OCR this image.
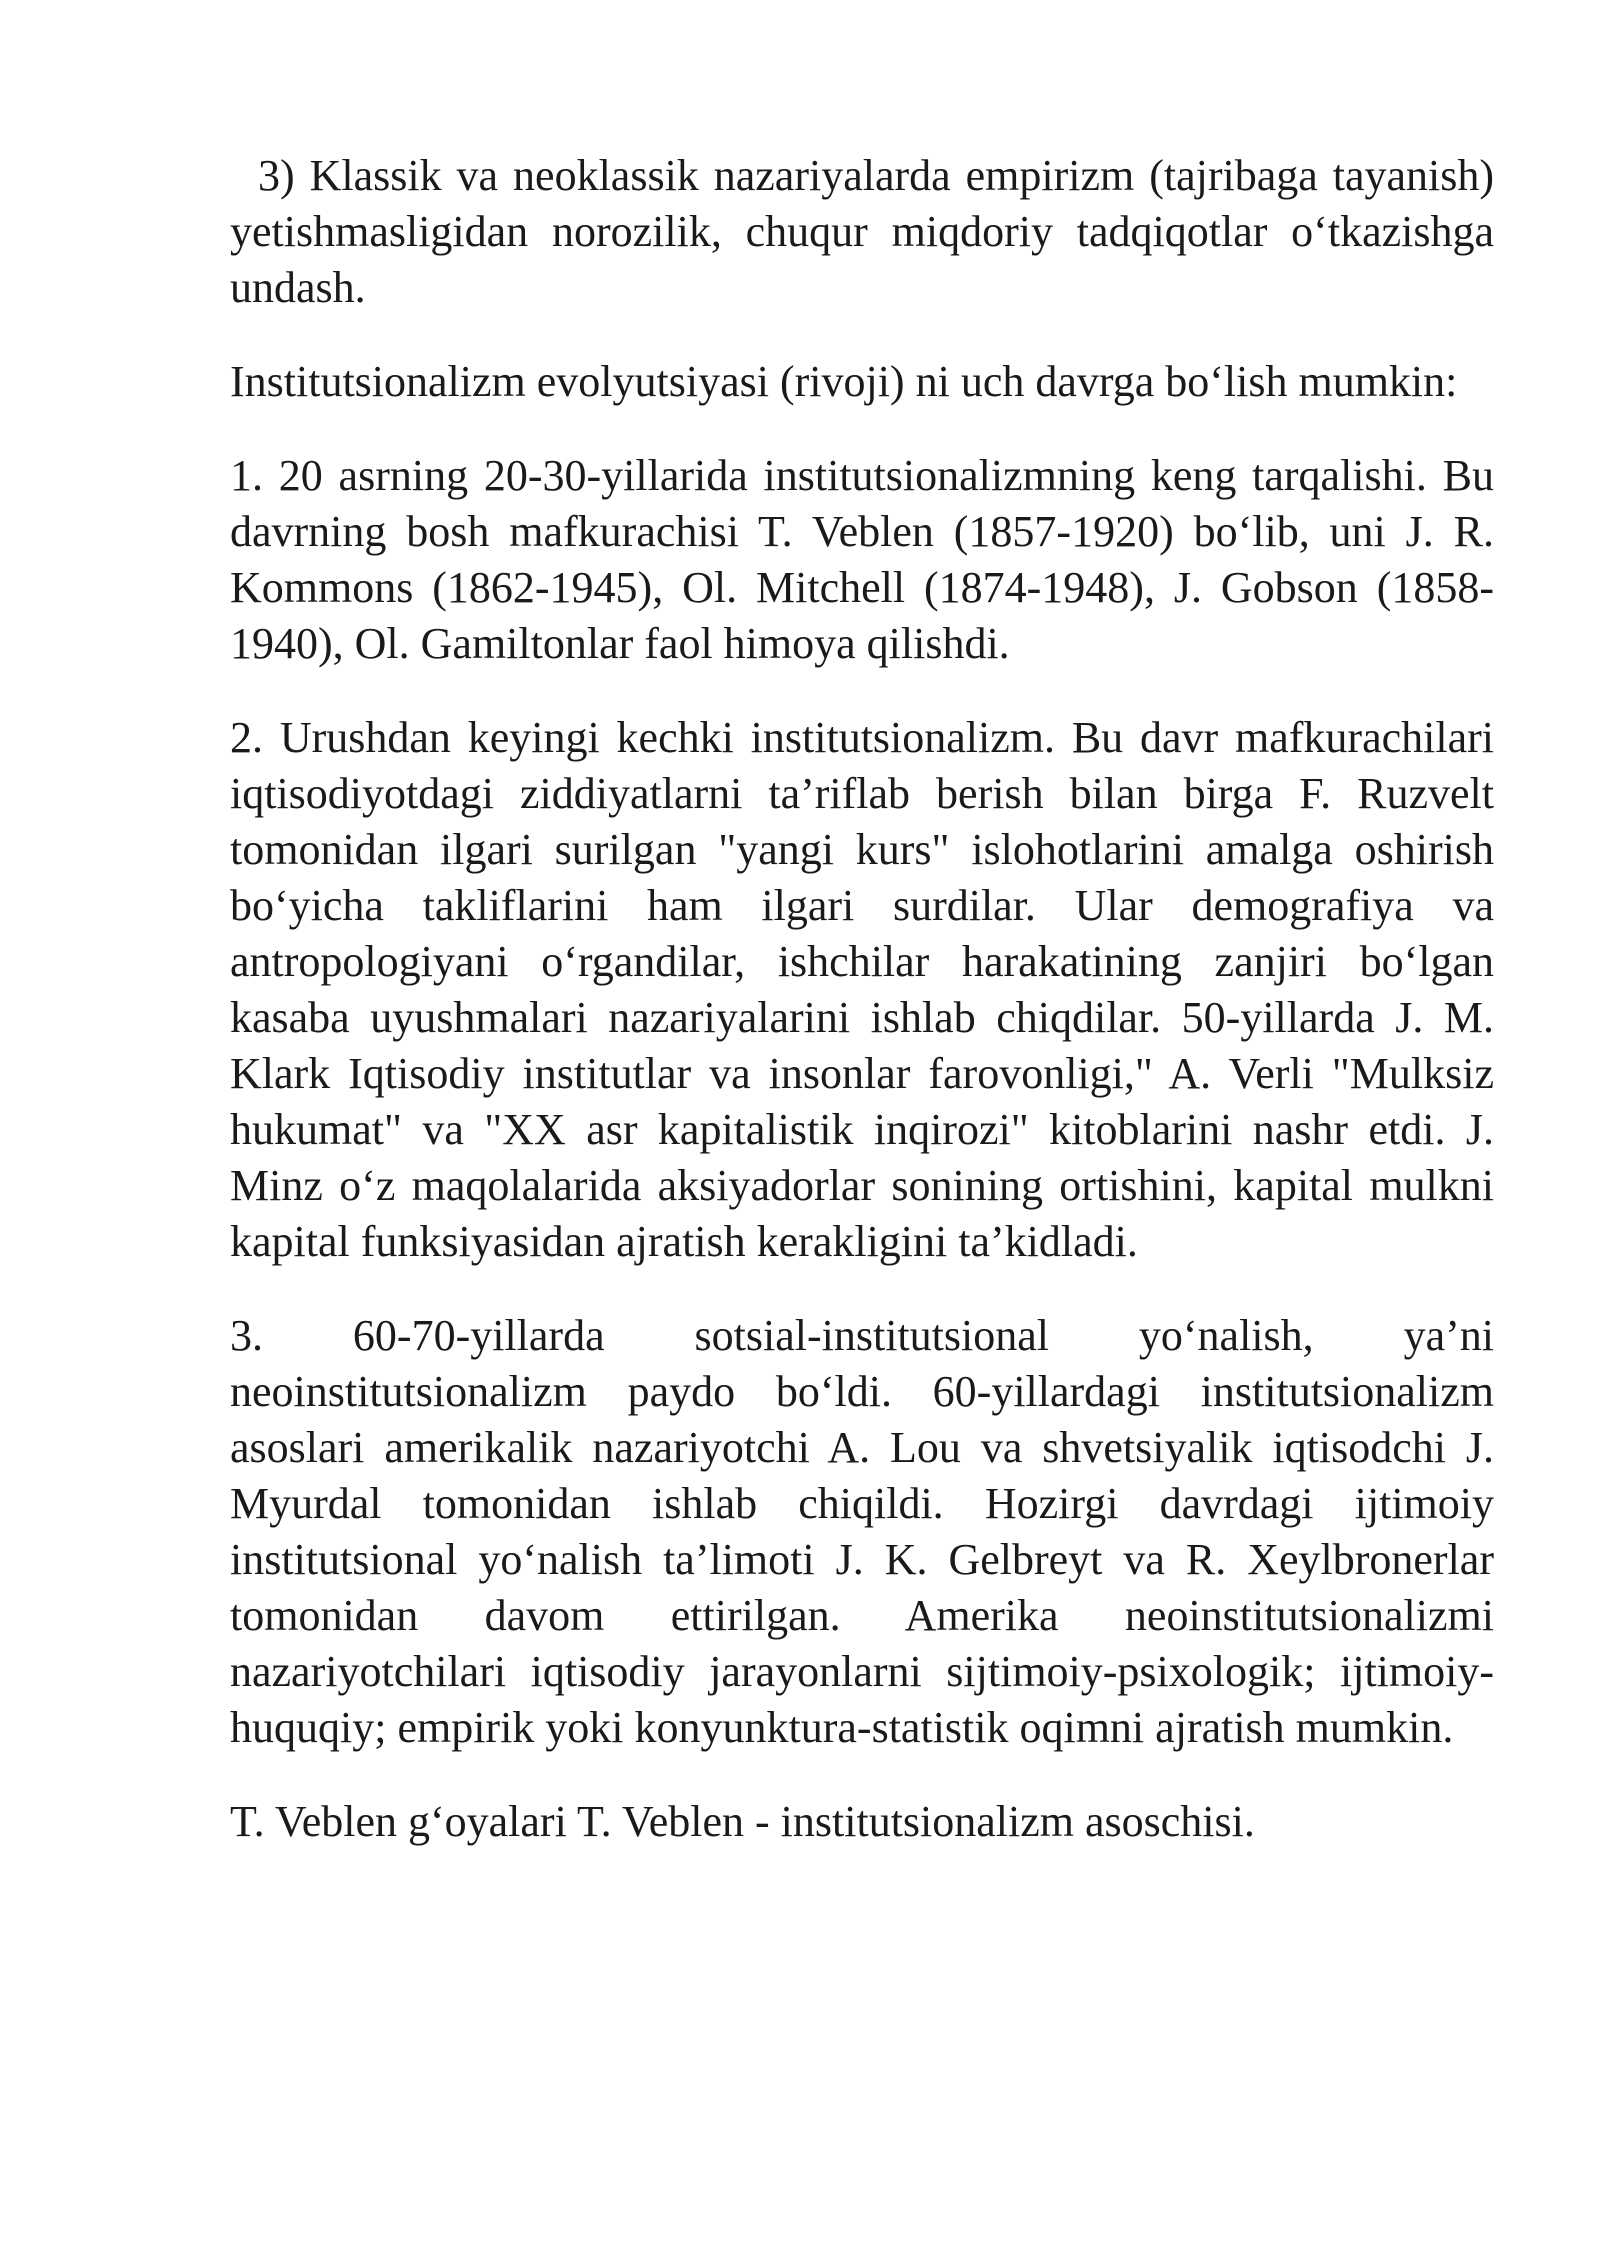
3) Klassik va neoklassik nazariyalarda empirizm (tajribaga tayanish) yetishmasligidan norozilik, chuqur miqdoriy tadqiqotlar o‘tkazishga undash.

Institutsionalizm evolyutsiyasi (rivoji) ni uch davrga bo‘lish mumkin:

1. 20 asrning 20-30-yillarida institutsionalizmning keng tarqalishi. Bu davrning bosh mafkurachisi T. Veblen (1857-1920) bo‘lib, uni J. R. Kommons (1862-1945), Ol. Mitchell (1874-1948), J. Gobson (1858-1940), Ol. Gamiltonlar faol himoya qilishdi.

2. Urushdan keyingi kechki institutsionalizm. Bu davr mafkurachilari iqtisodiyotdagi ziddiyatlarni ta’riflab berish bilan birga F. Ruzvelt tomonidan ilgari surilgan "yangi kurs" islohotlarini amalga oshirish bo‘yicha takliflarini ham ilgari surdilar. Ular demografiya va antropologiyani o‘rgandilar, ishchilar harakatining zanjiri bo‘lgan kasaba uyushmalari nazariyalarini ishlab chiqdilar. 50-yillarda J. M. Klark Iqtisodiy institutlar va insonlar farovonligi," A. Verli "Mulksiz hukumat" va "XX asr kapitalistik inqirozi" kitoblarini nashr etdi. J. Minz o‘z maqolalarida aksiyadorlar sonining ortishini, kapital mulkni kapital funksiyasidan ajratish kerakligini ta’kidladi.

3. 60-70-yillarda sotsial-institutsional yo‘nalish, ya’ni neoinstitutsionalizm paydo bo‘ldi. 60-yillardagi institutsionalizm asoslari amerikalik nazariyotchi A. Lou va shvetsiyalik iqtisodchi J. Myurdal tomonidan ishlab chiqildi. Hozirgi davrdagi ijtimoiy institutsional yo‘nalish ta’limoti J. K. Gelbreyt va R. Xeylbronerlar tomonidan davom ettirilgan. Amerika neoinstitutsionalizmi nazariyotchilari iqtisodiy jarayonlarni sijtimoiy-psixologik; ijtimoiy-huquqiy; empirik yoki konyunktura-statistik oqimni ajratish mumkin.

T. Veblen g‘oyalari T. Veblen - institutsionalizm asoschisi.
